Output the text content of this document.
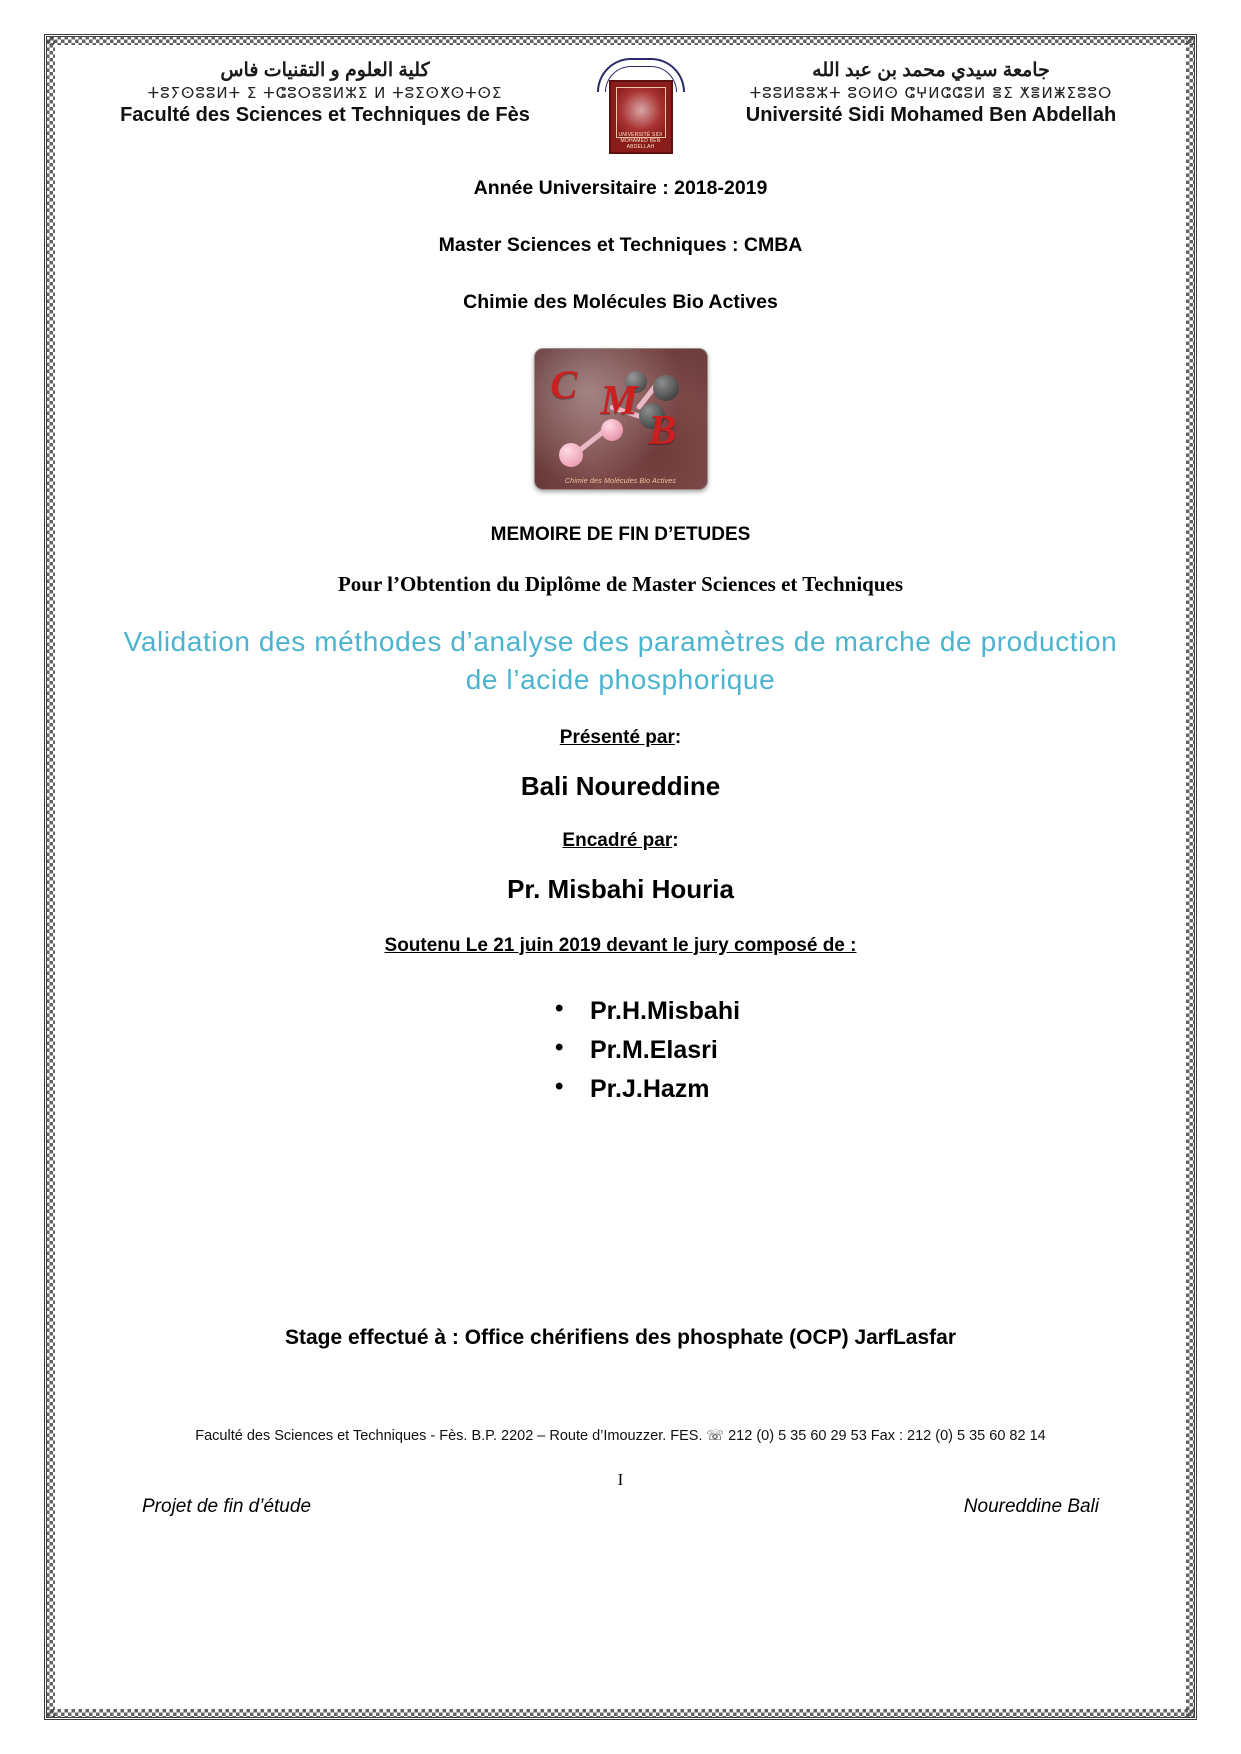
كلية العلوم و التقنيات فاس
ⵜⵓⵢⵙⵓⵓⵍⵜ ⵉ ⵜⵛⵓⵔⵓⵓⵍⵣⵉ ⵍ ⵜⵓⵉⵙⵅⵙⵜⵙⵉ
Faculté des Sciences et Techniques de Fès
UNIVERSITÉ SIDI MOHAMED BEN ABDELLAH
جامعة سيدي محمد بن عبد الله
ⵜⵓⵓⵍⵓⵓⵣⵜ ⵓⵙⵍⵙ ⵛⵖⵍⵛⵛⵓⵍ ⴻⵉ ⵅⴻⵍⵥⵉⵓⵓⵔ
Université Sidi Mohamed Ben Abdellah

Année Universitaire : 2018-2019

Master Sciences et Techniques : CMBA

Chimie des Molécules Bio Actives

C M
B
Chimie des Molécules Bio Actives
MEMOIRE DE FIN D’ETUDES
Pour l’Obtention du Diplôme de Master Sciences et Techniques
Validation des méthodes d’analyse des paramètres de marche de production de l’acide phosphorique
Présenté par:
Bali Noureddine
Encadré par:
Pr. Misbahi Houria
Soutenu Le 21 juin 2019 devant le jury composé de :
• Pr.H.Misbahi
• Pr.M.Elasri
• Pr.J.Hazm
Stage effectué à : Office chérifiens des phosphate (OCP) JarfLasfar
Faculté des Sciences et Techniques - Fès. B.P. 2202 – Route d’Imouzzer. FES. ☏ 212 (0) 5 35 60 29 53 Fax : 212 (0) 5 35 60 82 14
I
Projet de fin d’étude	Noureddine Bali
